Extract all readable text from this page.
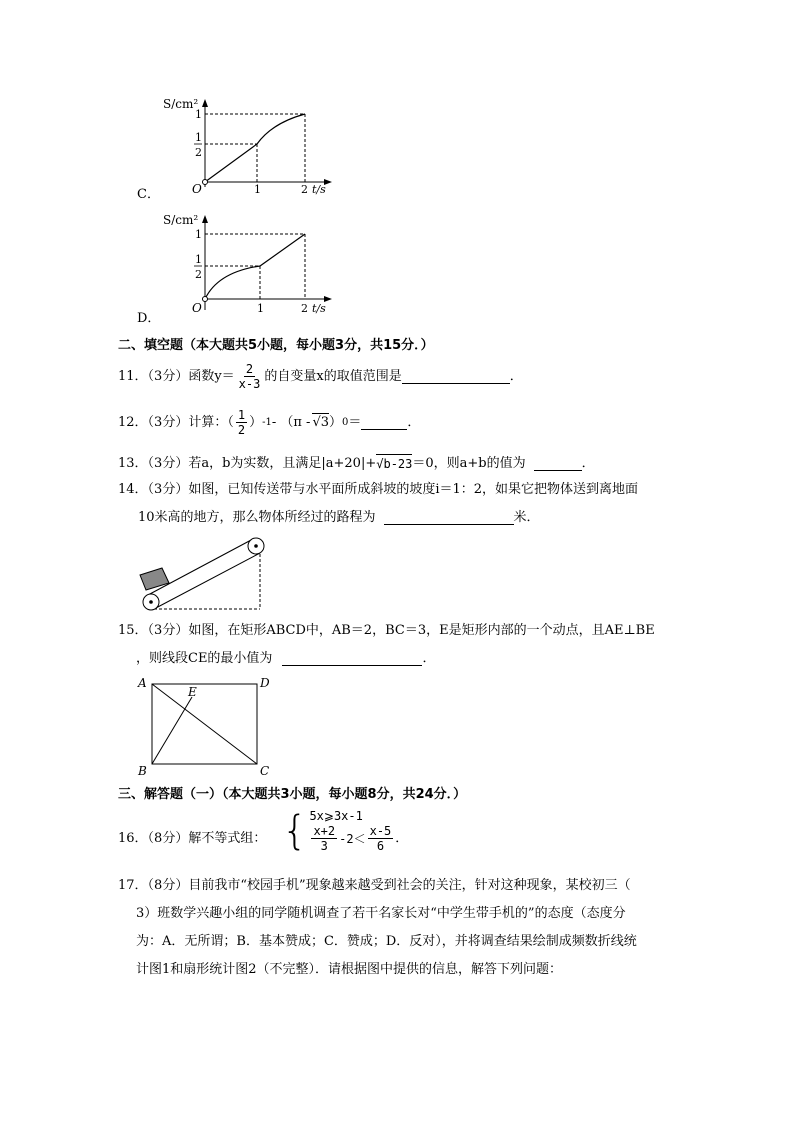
C．
S/cm²
O
1
1
2
1	2 t/s
D．
S/cm²
O
1
1
2
1	2 t/s
二、填空题（本大题共5小题，每小题3分，共15分．）
11．（3分）函数$y= \frac{2}{x-3}$ 的自变量x的取值范围是	．
12．（3分）计算：（ $\frac{1}{2}$ ） -1 - （π - √3 ） 0 ＝	．
13．（3分）若a，b为实数，且满足|a+20|+ √b-23 ＝0，则a+b的值为	．
14．（3分）如图，已知传送带与水平面所成斜坡的坡度i＝1：2，如果它把物体送到离地面
10米高的地方，那么物体所经过的路程为	米．
15．（3分）如图，在矩形ABCD中，AB＝2，BC＝3，E是矩形内部的一个动点，且AE⊥BE
，则线段CE的最小值为	．
A	D
E
B	C
三、解答题（一）（本大题共3小题，每小题8分，共24分．）
16．（8分）解不等式组： { 5x⩾3x-1
$\frac{x+2}{3} -2< \frac{x-5}{6}$ ．
17．（8分）目前我市“校园手机”现象越来越受到社会的关注，针对这种现象，某校初三（
3）班数学兴趣小组的同学随机调查了若干名家长对“中学生带手机的”的态度（态度分
为：A．无所谓；B．基本赞成；C．赞成；D．反对），并将调查结果绘制成频数折线统
计图1和扇形统计图2（不完整）．请根据图中提供的信息，解答下列问题：
